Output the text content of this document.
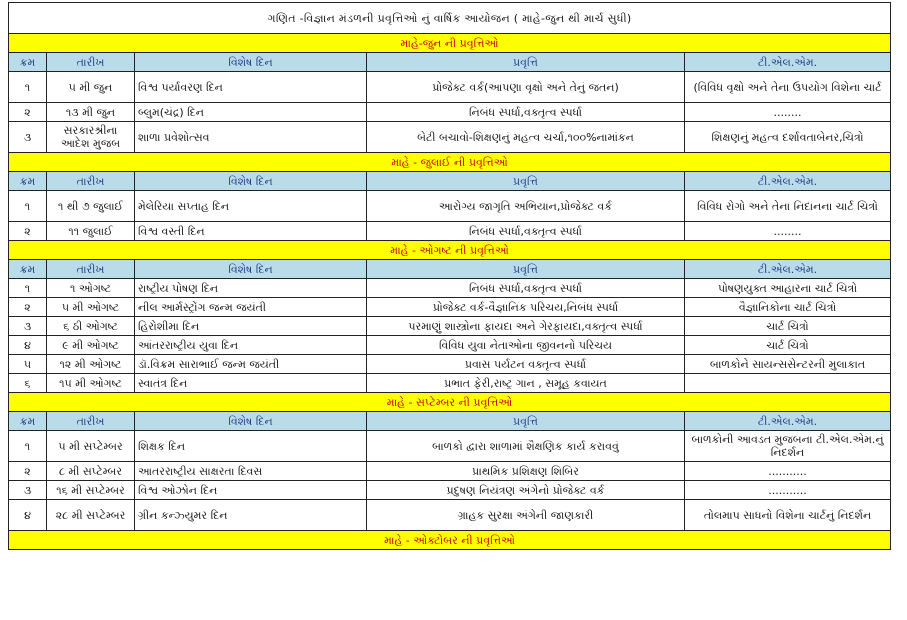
ગણિત -વિજ્ઞાન મંડળની પ્રવૃત્તિઓ નું વાર્ષિક આયોજન ( માહે-જુન થી માર્ચ સુધી)				
માહે-જુન ની પ્રવૃત્તિઓ				
ક્રમ	તારીખ	વિશેષ દિન	પ્રવૃત્તિ	ટી.એલ.એમ.
૧	૫ મી જુન	વિશ્વ પર્યાવરણ દિન	પ્રોજેક્ટ વર્ક(આપણા વૃક્ષો અને તેનું જતન)	(વિવિધ વૃક્ષો અને તેના ઉપયોગ વિશેના ચાર્ટ
૨	૧૩ મી જુન	બ્લુમ(ચંદ્ર) દિન	નિબંધ સ્પર્ધા,વક્તૃત્વ સ્પર્ધા	........
૩	સરકારશ્રીના આદેશ મુજબ	શાળા પ્રવેશોત્સવ	બેટી બચાવો-શિક્ષણનું મહત્વ ચર્ચા,૧૦૦%નામાંકન	શિક્ષણનું મહત્વ દર્શાવતાબેનર,ચિત્રો
માહે - જુલાઈ ની પ્રવૃત્તિઓ				
ક્રમ	તારીખ	વિશેષ દિન	પ્રવૃત્તિ	ટી.એલ.એમ.
૧	૧ થી ૭ જુલાઈ	મેલેરિયા સપ્તાહ દિન	આરોગ્ય જાગૃતિ અભિયાન,પ્રોજેક્ટ વર્ક	વિવિધ રોગો અને તેના નિદાનના ચાર્ટ ચિત્રો
૨	૧૧ જુલાઈ	વિશ્વ વસ્તી દિન	નિબંધ સ્પર્ધા,વક્તૃત્વ સ્પર્ધા	........
માહે - ઓગષ્ટ ની પ્રવૃત્તિઓ				
ક્રમ	તારીખ	વિશેષ દિન	પ્રવૃત્તિ	ટી.એલ.એમ.
૧	૧ ઓગષ્ટ	રાષ્ટ્રીય પોષણ દિન	નિબંધ સ્પર્ધા,વક્તૃત્વ સ્પર્ધા	પોષણયુક્ત આહારના ચાર્ટ ચિત્રો
૨	૫ મી ઓગષ્ટ	નીલ આર્મસ્ટ્રોંગ જન્મ જયંતી	પ્રોજેક્ટ વર્ક-વૈજ્ઞાનિક પરિચય,નિબંધ સ્પર્ધા	વૈજ્ઞાનિકોના ચાર્ટ ચિત્રો
૩	૬ ઠી ઓગષ્ટ	હિરોશીમા દિન	પરમાણું શાસ્ત્રોના ફાયદા અને ગેરફાયદા,વક્તૃત્વ સ્પર્ધા	ચાર્ટ ચિત્રો
૪	૯ મી ઓગષ્ટ	આંતરરાષ્ટ્રીય યુવા દિન	વિવિધ યુવા નેતાઓના જીવનનો પરિચય	ચાર્ટ ચિત્રો
૫	૧૨ મી ઓગષ્ટ	ડૉ.વિક્રમ સારાભાઈ જન્મ જયંતી	પ્રવાસ પર્યટન વક્તૃત્વ સ્પર્ધા	બાળકોને સાયન્સસેન્ટરની મુલાકાત
૬	૧૫ મી ઓગષ્ટ	સ્વાતંત્ર દિન	પ્રભાત ફેરી,રાષ્ટ્ર ગાન , સમૂહ કવાયત	
માહે - સપ્ટેમ્બર ની પ્રવૃત્તિઓ				
ક્રમ	તારીખ	વિશેષ દિન	પ્રવૃત્તિ	ટી.એલ.એમ.
૧	૫ મી સપ્ટેમ્બર	શિક્ષક દિન	બાળકો દ્વારા શાળામાં શૈક્ષણિક કાર્ય કરાવવું	બાળકોની આવડત મુજબના ટી.એલ.એમ.નું નિદર્શન
૨	૮ મી સપ્ટેમ્બર	આતરરાષ્ટ્રીય સાક્ષરતા દિવસ	પ્રાથમિક પ્રશિક્ષણ શિબિર	...........
૩	૧૬ મી સપ્ટેમ્બર	વિશ્વ ઓઝોન દિન	પ્રદુષણ નિયંત્રણ અંગેનો પ્રોજેક્ટ વર્ક	...........
૪	૨૮ મી સપ્ટેમ્બર	ગ્રીન કન્ઝ્યુમર દિન	ગ્રાહક સુરક્ષા અંગેની જાણકારી	તોલમાપ સાધનો વિશેના ચાર્ટનું નિદર્શન
માહે - ઓક્ટોબર ની પ્રવૃત્તિઓ				
